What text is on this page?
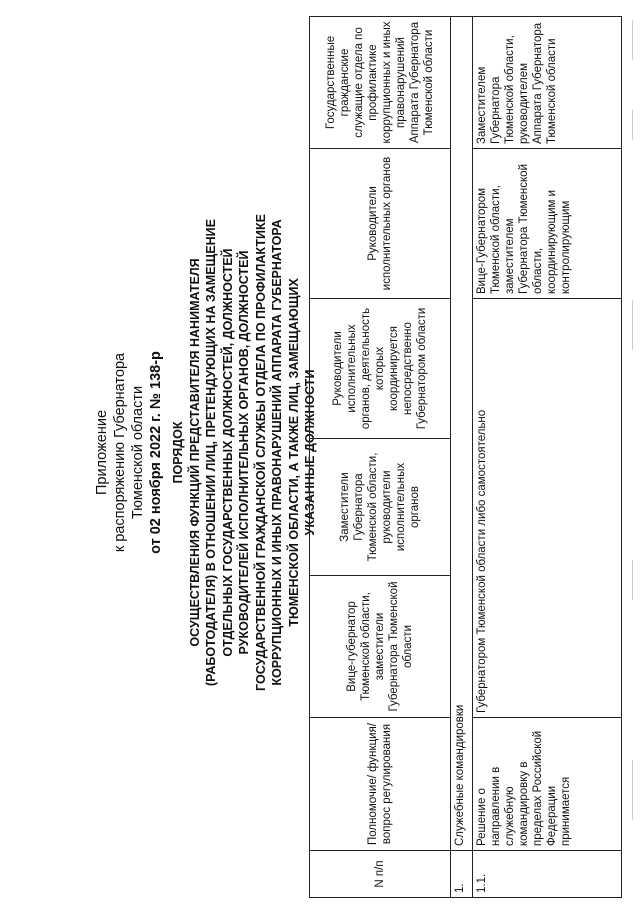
Приложение к распоряжению Губернатора Тюменской области от 02 ноября 2022 г. № 138-р ПОРЯДОК ОСУЩЕСТВЛЕНИЯ ФУНКЦИЙ ПРЕДСТАВИТЕЛЯ НАНИМАТЕЛЯ (РАБОТОДАТЕЛЯ) В ОТНОШЕНИИ ЛИЦ, ПРЕТЕНДУЮЩИХ НА ЗАМЕЩЕНИЕ ОТДЕЛЬНЫХ ГОСУДАРСТВЕННЫХ ДОЛЖНОСТЕЙ, ДОЛЖНОСТЕЙ РУКОВОДИТЕЛЕЙ ИСПОЛНИТЕЛЬНЫХ ОРГАНОВ, ДОЛЖНОСТЕЙ ГОСУДАРСТВЕННОЙ ГРАЖДАНСКОЙ СЛУЖБЫ ОТДЕЛА ПО ПРОФИЛАКТИКЕ КОРРУПЦИОННЫХ И ИНЫХ ПРАВОНАРУШЕНИЙ АППАРАТА ГУБЕРНАТОРА ТЮМЕНСКОЙ ОБЛАСТИ, А ТАКЖЕ ЛИЦ, ЗАМЕЩАЮЩИХ УКАЗАННЫЕ ДОЛЖНОСТИ
N п/п	Полномочие/ функция/вопрос регулирования	Вице-губернатор Тюменской области, заместители Губернатора Тюменской области	Заместители Губернатора Тюменской области, руководители исполнительных органов	Руководители исполнительных органов, деятельность которых координируется непосредственно Губернатором области	Руководители исполнительных органов	Государственные гражданские служащие отдела по профилактике коррупционных и иных правонарушений Аппарата Губернатора Тюменской области
1.	Служебные командировки					
1.1.	Решение о направлении в служебную командировку в пределах Российской Федерации принимается	Губернатором Тюменской области либо самостоятельно			Вице-Губернатором Тюменской области, заместителем Губернатора Тюменской области, координирующим и контролирующим	Заместителем Губернатора Тюменской области, руководителем Аппарата Губернатора Тюменской области
